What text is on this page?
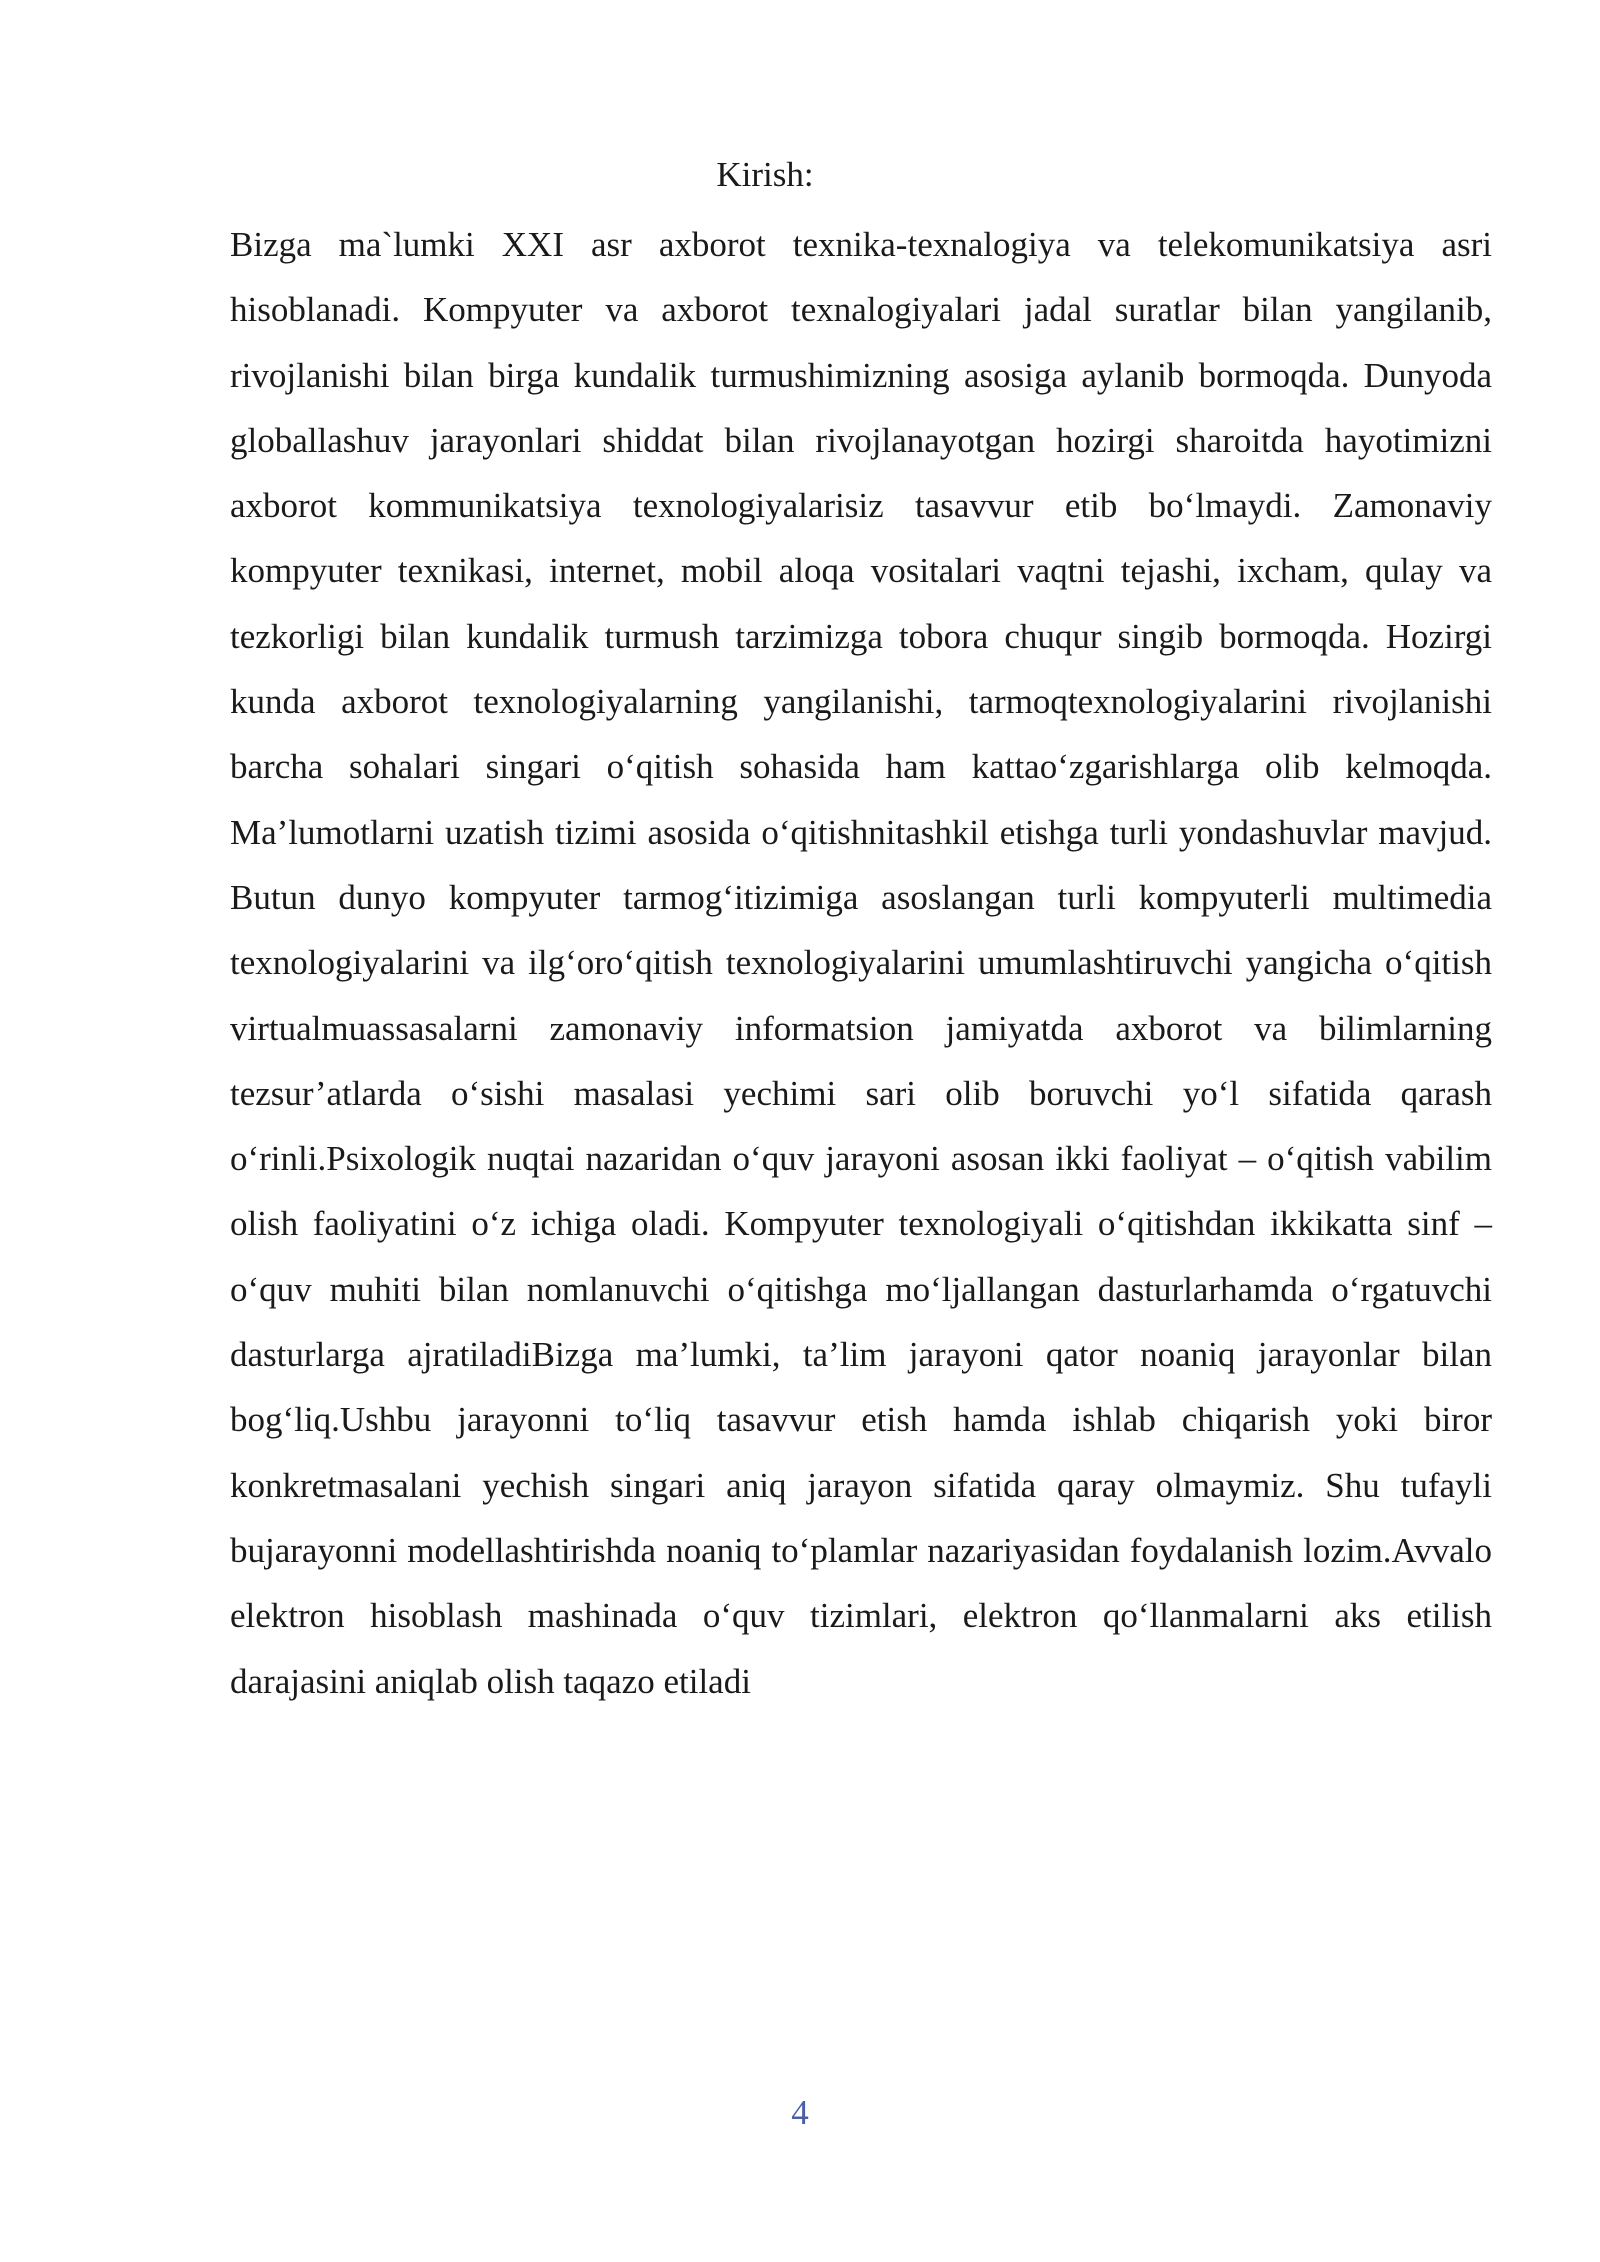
Kirish:

Bizga ma`lumki XXI asr axborot texnika-texnalogiya va telekomunikatsiya asri hisoblanadi. Kompyuter va axborot texnalogiyalari jadal suratlar bilan yangilanib, rivojlanishi bilan birga kundalik turmushimizning asosiga aylanib bormoqda. Dunyoda globallashuv jarayonlari shiddat bilan rivojlanayotgan hozirgi sharoitda hayotimizni axborot kommunikatsiya texnologiyalarisiz tasavvur etib boʻlmaydi. Zamonaviy kompyuter texnikasi, internet, mobil aloqa vositalari vaqtni tejashi, ixcham, qulay va tezkorligi bilan kundalik turmush tarzimizga tobora chuqur singib bormoqda. Hozirgi kunda axborot texnologiyalarning yangilanishi, tarmoqtexnologiyalarini rivojlanishi barcha sohalari singari oʻqitish sohasida ham kattaoʻzgarishlarga olib kelmoqda. Ma’lumotlarni uzatish tizimi asosida oʻqitishnitashkil etishga turli yondashuvlar mavjud. Butun dunyo kompyuter tarmogʻitizimiga asoslangan turli kompyuterli multimedia texnologiyalarini va ilgʻoroʻqitish texnologiyalarini umumlashtiruvchi yangicha oʻqitish virtualmuassasalarni zamonaviy informatsion jamiyatda axborot va bilimlarning tezsur’atlarda oʻsishi masalasi yechimi sari olib boruvchi yoʻl sifatida qarash oʻrinli.Psixologik nuqtai nazaridan oʻquv jarayoni asosan ikki faoliyat – oʻqitish vabilim olish faoliyatini oʻz ichiga oladi. Kompyuter texnologiyali oʻqitishdan ikkikatta sinf – oʻquv muhiti bilan nomlanuvchi oʻqitishga moʻljallangan dasturlarhamda oʻrgatuvchi dasturlarga ajratiladiBizga ma’lumki, ta’lim jarayoni qator noaniq jarayonlar bilan bogʻliq.Ushbu jarayonni toʻliq tasavvur etish hamda ishlab chiqarish yoki biror konkretmasalani yechish singari aniq jarayon sifatida qaray olmaymiz. Shu tufayli bujarayonni modellashtirishda noaniq toʻplamlar nazariyasidan foydalanish lozim.Avvalo elektron hisoblash mashinada oʻquv tizimlari, elektron qoʻllanmalarni aks etilish darajasini aniqlab olish taqazo etiladi

4
